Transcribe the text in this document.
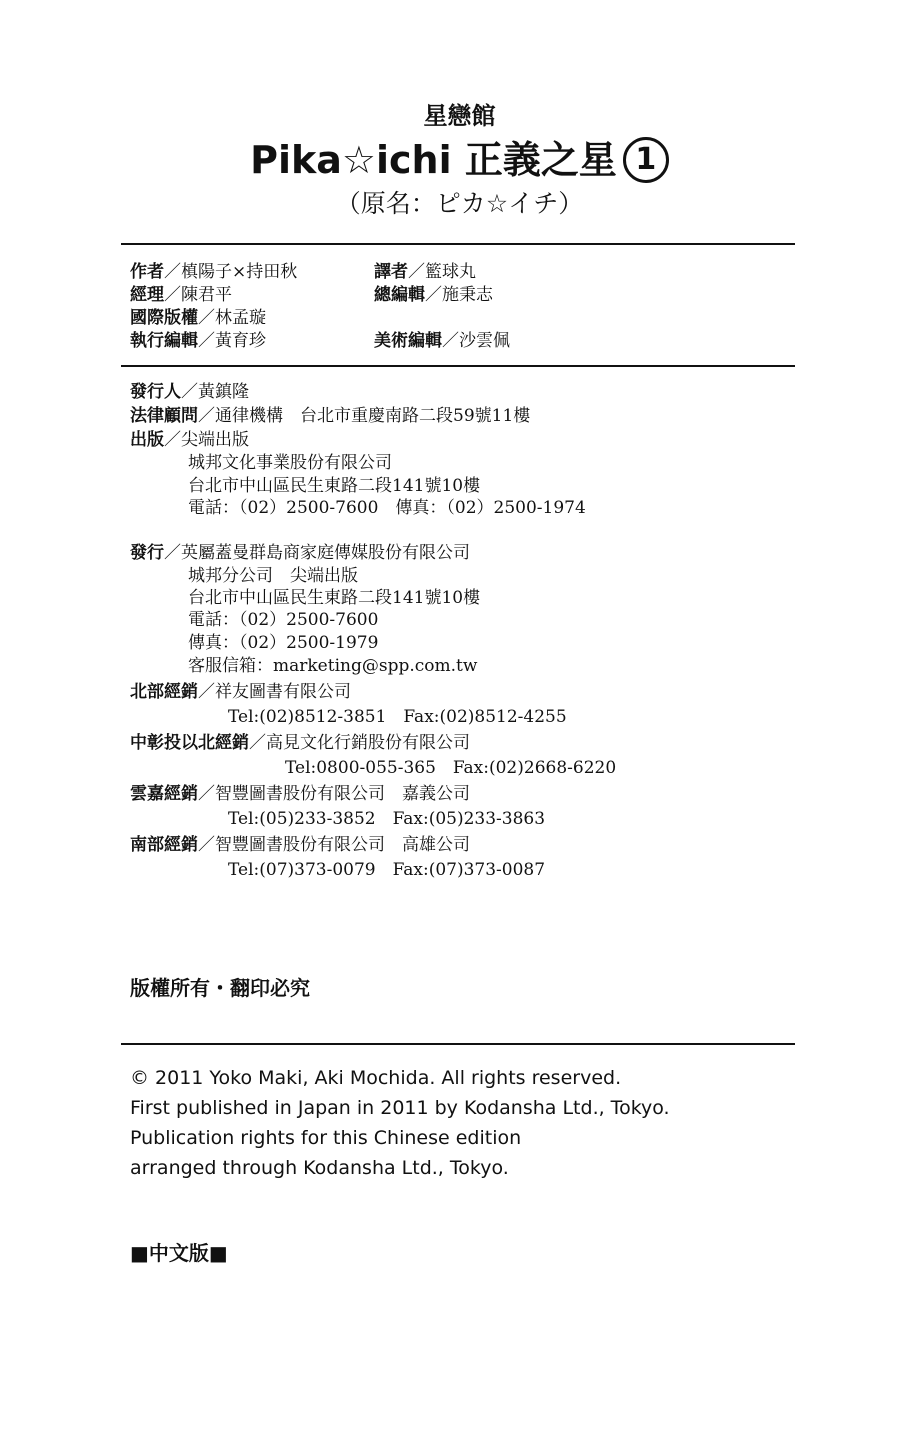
星戀館
Pika☆ichi 正義之星 1
（原名：ピカ☆イチ）
作者／槙陽子×持田秋	譯者／籃球丸
經理／陳君平	總編輯／施秉志
國際版權／林孟璇
執行編輯／黃育珍	美術編輯／沙雲佩
發行人／黃鎮隆
法律顧問／通律機構　台北市重慶南路二段59號11樓
出版／尖端出版
城邦文化事業股份有限公司
台北市中山區民生東路二段141號10樓
電話：（02）2500-7600　傳真：（02）2500-1974
發行／英屬蓋曼群島商家庭傳媒股份有限公司
城邦分公司　尖端出版
台北市中山區民生東路二段141號10樓
電話：（02）2500-7600
傳真：（02）2500-1979
客服信箱：marketing@spp.com.tw
北部經銷／祥友圖書有限公司
Tel:(02)8512-3851　Fax:(02)8512-4255
中彰投以北經銷／高見文化行銷股份有限公司
Tel:0800-055-365　Fax:(02)2668-6220
雲嘉經銷／智豐圖書股份有限公司　嘉義公司
Tel:(05)233-3852　Fax:(05)233-3863
南部經銷／智豐圖書股份有限公司　高雄公司
Tel:(07)373-0079　Fax:(07)373-0087
版權所有・翻印必究
© 2011 Yoko Maki, Aki Mochida. All rights reserved.
First published in Japan in 2011 by Kodansha Ltd., Tokyo.
Publication rights for this Chinese edition
arranged through Kodansha Ltd., Tokyo.
■中文版■
